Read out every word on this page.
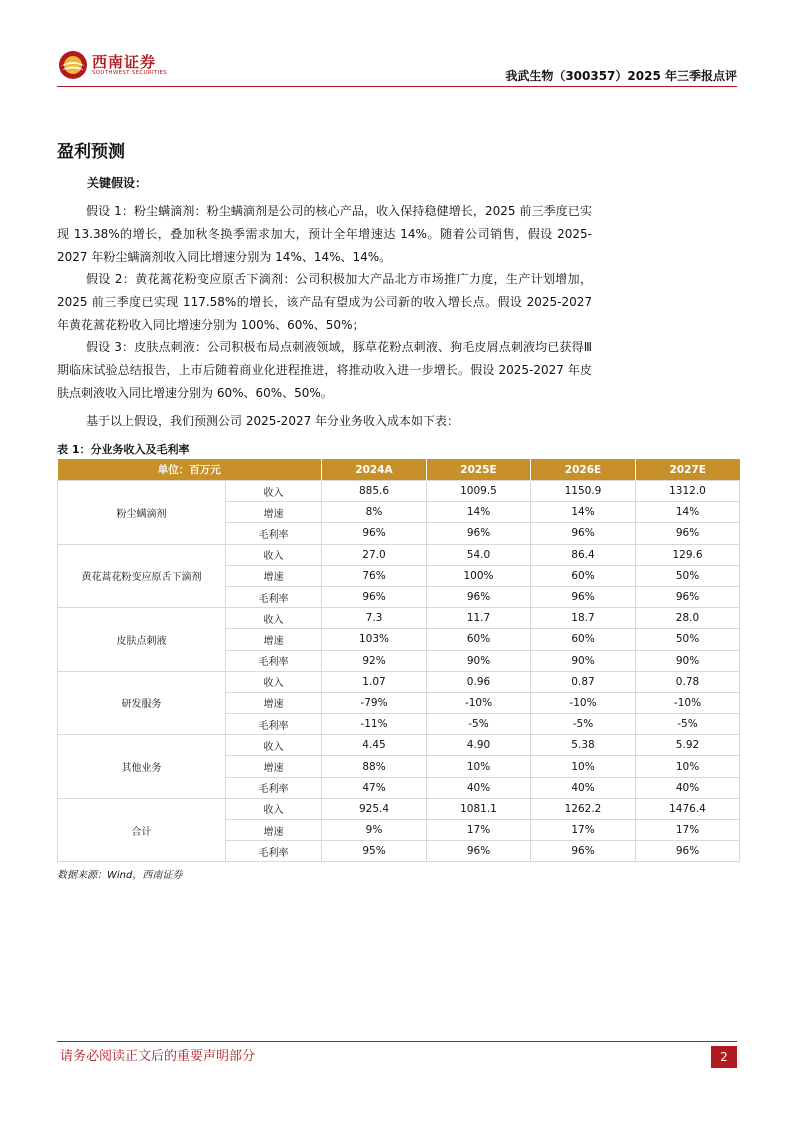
西南证券
SOUTHWEST SECURITIES	我武生物（300357）2025 年三季报点评
盈利预测
关键假设：

假设 1：粉尘螨滴剂：粉尘螨滴剂是公司的核心产品，收入保持稳健增长，2025 前三季度已实现 13.38%的增长，叠加秋冬换季需求加大，预计全年增速达 14%。随着公司销售，假设 2025-2027 年粉尘螨滴剂收入同比增速分别为 14%、14%、14%。

假设 2：黄花蒿花粉变应原舌下滴剂：公司积极加大产品北方市场推广力度，生产计划增加，2025 前三季度已实现 117.58%的增长，该产品有望成为公司新的收入增长点。假设 2025-2027 年黄花蒿花粉收入同比增速分别为 100%、60%、50%；

假设 3：皮肤点刺液：公司积极布局点刺液领域，豚草花粉点刺液、狗毛皮屑点刺液均已获得Ⅲ期临床试验总结报告，上市后随着商业化进程推进，将推动收入进一步增长。假设 2025-2027 年皮肤点刺液收入同比增速分别为 60%、60%、50%。

基于以上假设，我们预测公司 2025-2027 年分业务收入成本如下表：

表 1：分业务收入及毛利率
单位：百万元		2024A	2025E	2026E	2027E
粉尘螨滴剂	收入	885.6	1009.5	1150.9	1312.0
	增速	8%	14%	14%	14%
	毛利率	96%	96%	96%	96%
黄花蒿花粉变应原舌下滴剂	收入	27.0	54.0	86.4	129.6
	增速	76%	100%	60%	50%
	毛利率	96%	96%	96%	96%
皮肤点刺液	收入	7.3	11.7	18.7	28.0
	增速	103%	60%	60%	50%
	毛利率	92%	90%	90%	90%
研发服务	收入	1.07	0.96	0.87	0.78
	增速	-79%	-10%	-10%	-10%
	毛利率	-11%	-5%	-5%	-5%
其他业务	收入	4.45	4.90	5.38	5.92
	增速	88%	10%	10%	10%
	毛利率	47%	40%	40%	40%
合计	收入	925.4	1081.1	1262.2	1476.4
	增速	9%	17%	17%	17%
	毛利率	95%	96%	96%	96%
数据来源：Wind，西南证券
请务必阅读正文后的重要声明部分	2
